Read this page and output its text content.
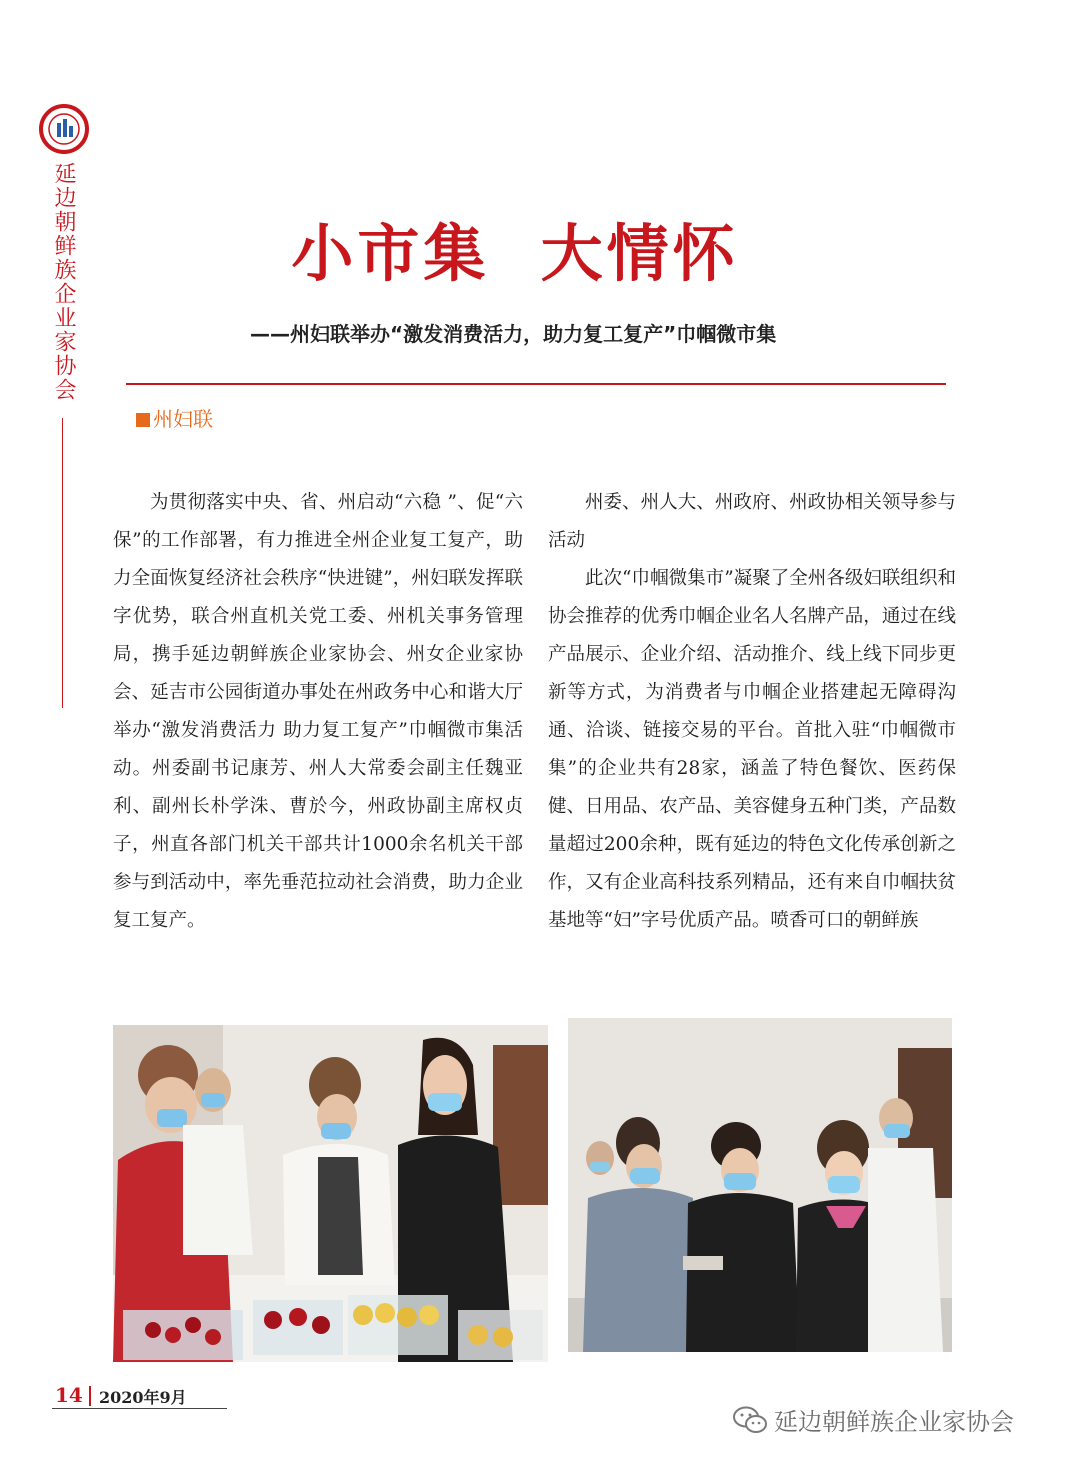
延边朝鲜族企业家协会	小市集  大情怀
——州妇联举办“激发消费活力，助力复工复产”巾帼微市集
州妇联

为贯彻落实中央、省、州启动“六稳 ”、促“六保”的工作部署，有力推进全州企业复工复产，助力全面恢复经济社会秩序“快进键”，州妇联发挥联字优势，联合州直机关党工委、州机关事务管理局，携手延边朝鲜族企业家协会、州女企业家协会、延吉市公园街道办事处在州政务中心和谐大厅举办“激发消费活力 助力复工复产”巾帼微市集活动。州委副书记康芳、州人大常委会副主任魏亚利、副州长朴学洙、曹於今，州政协副主席权贞子，州直各部门机关干部共计1000余名机关干部参与到活动中，率先垂范拉动社会消费，助力企业复工复产。

州委、州人大、州政府、州政协相关领导参与活动

此次“巾帼微集市”凝聚了全州各级妇联组织和协会推荐的优秀巾帼企业名人名牌产品，通过在线产品展示、企业介绍、活动推介、线上线下同步更新等方式，为消费者与巾帼企业搭建起无障碍沟通、洽谈、链接交易的平台。首批入驻“巾帼微市集”的企业共有28家，涵盖了特色餐饮、医药保健、日用品、农产品、美容健身五种门类，产品数量超过200余种，既有延边的特色文化传承创新之作，又有企业高科技系列精品，还有来自巾帼扶贫基地等“妇”字号优质产品。喷香可口的朝鲜族

14 2020年9月
延边朝鲜族企业家协会
